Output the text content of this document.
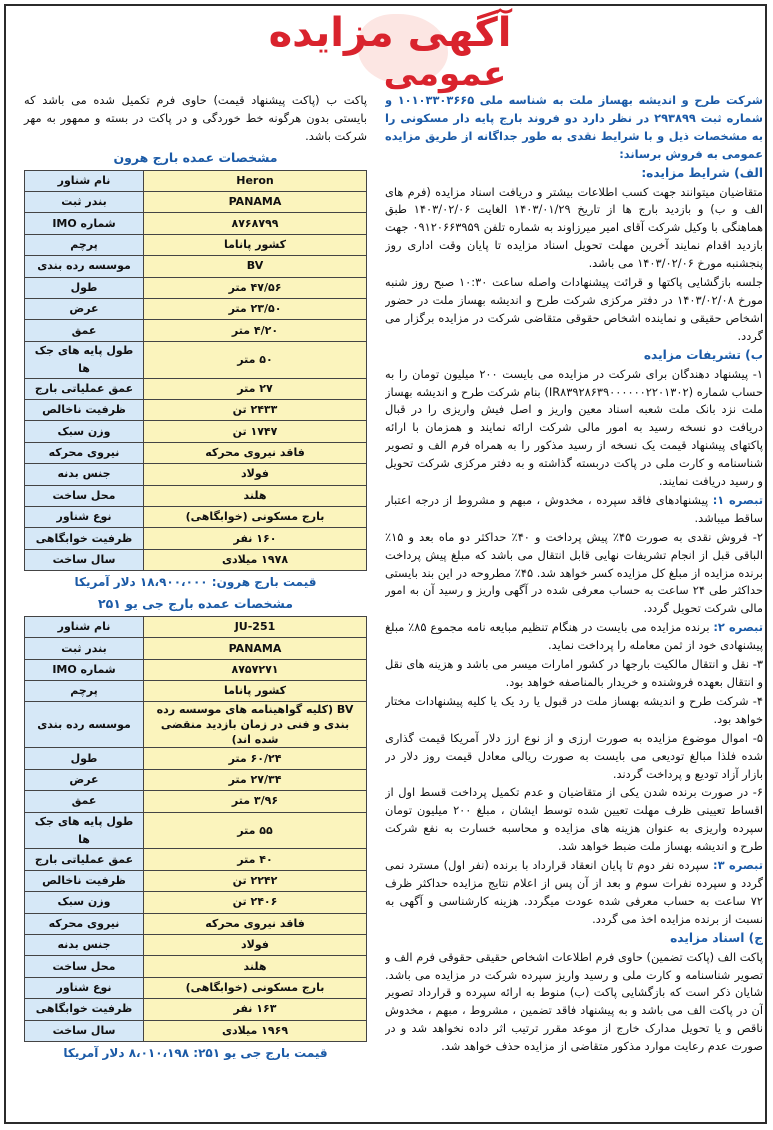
آگهی مزایده
عمومی

شرکت طرح و اندیشه بهساز ملت به شناسه ملی ۱۰۱۰۳۳۰۳۶۶۵ و شماره ثبت ۲۹۳۸۹۹ در نظر دارد دو فروند بارج پایه دار مسکونی را به مشخصات ذیل و با شرایط نقدی به طور جداگانه از طریق مزایده عمومی به فروش برساند:

الف) شرایط مزایده:

متقاضیان میتوانند جهت کسب اطلاعات بیشتر و دریافت اسناد مزایده (فرم های الف و ب) و بازدید بارج ها از تاریخ ۱۴۰۳/۰۱/۲۹ الغایت ۱۴۰۳/۰۲/۰۶ طبق هماهنگی با وکیل شرکت آقای امیر میرزاوند به شماره تلفن ۰۹۱۲۰۶۶۳۹۵۹ جهت بازدید اقدام نمایند آخرین مهلت تحویل اسناد مزایده تا پایان وقت اداری روز پنجشنبه مورخ ۱۴۰۳/۰۲/۰۶ می باشد.

جلسه بازگشایی پاکتها و قرائت پیشنهادات واصله ساعت ۱۰:۳۰ صبح روز شنبه مورخ ۱۴۰۳/۰۲/۰۸ در دفتر مرکزی شرکت طرح و اندیشه بهساز ملت در حضور اشخاص حقیقی و نماینده اشخاص حقوقی متقاضی شرکت در مزایده برگزار می گردد.

ب) تشریفات مزایده

۱- پیشنهاد دهندگان برای شرکت در مزایده می بایست ۲۰۰ میلیون تومان را به حساب شماره (IR۸۳۹۲۸۶۳۹۰۰۰۰۰۰۲۲۰۱۳۰۲) بنام شرکت طرح و اندیشه بهساز ملت نزد بانک ملت شعبه اسناد معین واریز و اصل فیش واریزی را در قبال دریافت دو نسخه رسید به امور مالی شرکت ارائه نمایند و همزمان با ارائه پاکتهای پیشنهاد قیمت یک نسخه از رسید مذکور را به همراه فرم الف و تصویر شناسنامه و کارت ملی در پاکت دربسته گذاشته و به دفتر مرکزی شرکت تحویل و رسید دریافت نمایند.

تبصره ۱: پیشنهادهای فاقد سپرده ، مخدوش ، مبهم و مشروط از درجه اعتبار ساقط میباشد.

۲- فروش نقدی به صورت ۴۵٪ پیش پرداخت و ۴۰٪ حداکثر دو ماه بعد و ۱۵٪ الباقی قبل از انجام تشریفات نهایی قابل انتقال می باشد که مبلغ پیش پرداخت برنده مزایده از مبلغ کل مزایده کسر خواهد شد. ۴۵٪ مطروحه در این بند بایستی حداکثر طی ۲۴ ساعت به حساب معرفی شده در آگهی واریز و رسید آن به امور مالی شرکت تحویل گردد.

تبصره ۲: برنده مزایده می بایست در هنگام تنظیم مبایعه نامه مجموع ۸۵٪ مبلغ پیشنهادی خود از ثمن معامله را پرداخت نماید.

۳- نقل و انتقال مالکیت بارجها در کشور امارات میسر می باشد و هزینه های نقل و انتقال بعهده فروشنده و خریدار بالمناصفه خواهد بود.

۴- شرکت طرح و اندیشه بهساز ملت در قبول یا رد یک یا کلیه پیشنهادات مختار خواهد بود.

۵- اموال موضوع مزایده به صورت ارزی و از نوع ارز دلار آمریکا قیمت گذاری شده فلذا مبالغ تودیعی می بایست به صورت ریالی معادل قیمت روز دلار در بازار آزاد تودیع و پرداخت گردند.

۶- در صورت برنده شدن یکی از متقاضیان و عدم تکمیل پرداخت قسط اول از اقساط تعیینی ظرف مهلت تعیین شده توسط ایشان ، مبلغ ۲۰۰ میلیون تومان سپرده واریزی به عنوان هزینه های مزایده و محاسبه خسارت به نفع شرکت طرح و اندیشه بهساز ملت ضبط خواهد شد.

تبصره ۳: سپرده نفر دوم تا پایان انعقاد قرارداد با برنده (نفر اول) مسترد نمی گردد و سپرده نفرات سوم و بعد از آن پس از اعلام نتایج مزایده حداکثر ظرف ۷۲ ساعت به حساب معرفی شده عودت میگردد. هزینه کارشناسی و آگهی به نسبت از برنده مزایده اخذ می گردد.

ج) اسناد مزایده

پاکت الف (پاکت تضمین) حاوی فرم اطلاعات اشخاص حقیقی حقوقی فرم الف و تصویر شناسنامه و کارت ملی و رسید واریز سپرده شرکت در مزایده می باشد. شایان ذکر است که بازگشایی پاکت (ب) منوط به ارائه سپرده و قرارداد تصویر آن در پاکت الف می باشد و به پیشنهاد فاقد تضمین ، مشروط ، مبهم ، مخدوش ناقص و یا تحویل مدارک خارج از موعد مقرر ترتیب اثر داده نخواهد شد و در صورت عدم رعایت موارد مذکور متقاضی از مزایده حذف خواهد شد.

پاکت ب (پاکت پیشنهاد قیمت) حاوی فرم تکمیل شده می باشد که بایستی بدون هرگونه خط خوردگی و در پاکت در بسته و ممهور به مهر شرکت باشد.

مشخصات عمده بارج هرون
Heron	نام شناور
PANAMA	بندر ثبت
۸۷۶۸۷۹۹	شماره IMO
کشور پاناما	پرچم
BV	موسسه رده بندی
۴۷/۵۶ متر	طول
۲۳/۵۰ متر	عرض
۴/۲۰ متر	عمق
۵۰ متر	طول پایه های جک ها
۲۷ متر	عمق عملیاتی بارج
۲۴۳۳ تن	ظرفیت ناخالص
۱۷۴۷ تن	وزن سبک
فاقد نیروی محرکه	نیروی محرکه
فولاد	جنس بدنه
هلند	محل ساخت
بارج مسکونی (خوابگاهی)	نوع شناور
۱۶۰ نفر	ظرفیت خوابگاهی
۱۹۷۸ میلادی	سال ساخت
قیمت بارج هرون: ۱۸،۹۰۰،۰۰۰ دلار آمریکا
مشخصات عمده بارج جی یو ۲۵۱
JU-251	نام شناور
PANAMA	بندر ثبت
۸۷۵۷۲۷۱	شماره IMO
کشور پاناما	پرچم
BV (کلیه گواهینامه های موسسه رده بندی و فنی در زمان بازدید منقضی شده اند)	موسسه رده بندی
۶۰/۲۴ متر	طول
۲۷/۳۴ متر	عرض
۳/۹۶ متر	عمق
۵۵ متر	طول پایه های جک ها
۴۰ متر	عمق عملیاتی بارج
۲۲۴۲ تن	ظرفیت ناخالص
۲۴۰۶ تن	وزن سبک
فاقد نیروی محرکه	نیروی محرکه
فولاد	جنس بدنه
هلند	محل ساخت
بارج مسکونی (خوابگاهی)	نوع شناور
۱۶۳ نفر	ظرفیت خوابگاهی
۱۹۶۹ میلادی	سال ساخت
قیمت بارج جی یو ۲۵۱: ۸،۰۱۰،۱۹۸ دلار آمریکا
